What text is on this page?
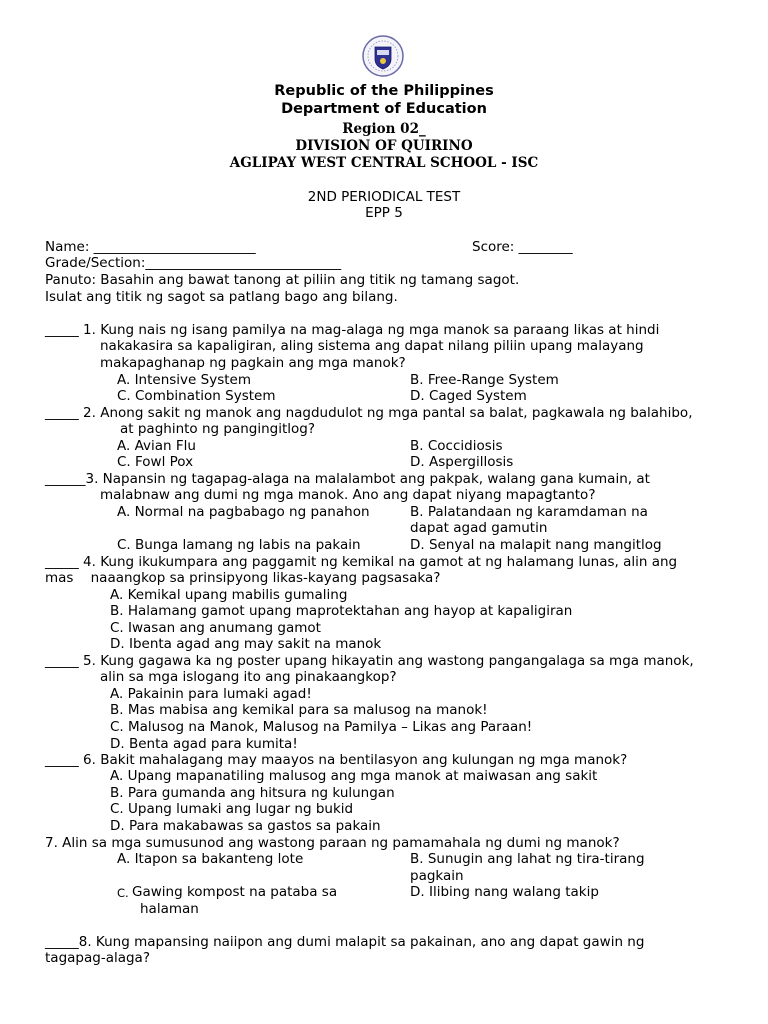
Republic of the Philippines
Department of Education
Region 02_
DIVISION OF QUIRINO
AGLIPAY WEST CENTRAL SCHOOL - ISC
2ND PERIODICAL TEST
EPP 5
Name: ________________________	Score: ________
Grade/Section:_____________________________
Panuto: Basahin ang bawat tanong at piliin ang titik ng tamang sagot.
Isulat ang titik ng sagot sa patlang bago ang bilang.
_____ 1. Kung nais ng isang pamilya na mag-alaga ng mga manok sa paraang likas at hindi
nakakasira sa kapaligiran, aling sistema ang dapat nilang piliin upang malayang
makapaghanap ng pagkain ang mga manok?
A. Intensive System	B. Free-Range System
C. Combination System	D. Caged System
_____ 2. Anong sakit ng manok ang nagdudulot ng mga pantal sa balat, pagkawala ng balahibo,
at paghinto ng pangingitlog?
A. Avian Flu	B. Coccidiosis
C. Fowl Pox	D. Aspergillosis
______3. Napansin ng tagapag-alaga na malalambot ang pakpak, walang gana kumain, at
malabnaw ang dumi ng mga manok. Ano ang dapat niyang mapagtanto?
A. Normal na pagbabago ng panahon	B. Palatandaan ng karamdaman na
dapat agad gamutin
C. Bunga lamang ng labis na pakain	D. Senyal na malapit nang mangitlog
_____ 4. Kung ikukumpara ang paggamit ng kemikal na gamot at ng halamang lunas, alin ang
mas    naaangkop sa prinsipyong likas-kayang pagsasaka?
A. Kemikal upang mabilis gumaling
B. Halamang gamot upang maprotektahan ang hayop at kapaligiran
C. Iwasan ang anumang gamot
D. Ibenta agad ang may sakit na manok
_____ 5. Kung gagawa ka ng poster upang hikayatin ang wastong pangangalaga sa mga manok,
alin sa mga islogang ito ang pinakaangkop?
A. Pakainin para lumaki agad!
B. Mas mabisa ang kemikal para sa malusog na manok!
C. Malusog na Manok, Malusog na Pamilya – Likas ang Paraan!
D. Benta agad para kumita!
_____ 6. Bakit mahalagang may maayos na bentilasyon ang kulungan ng mga manok?
A. Upang mapanatiling malusog ang mga manok at maiwasan ang sakit
B. Para gumanda ang hitsura ng kulungan
C. Upang lumaki ang lugar ng bukid
D. Para makabawas sa gastos sa pakain
7. Alin sa mga sumusunod ang wastong paraan ng pamamahala ng dumi ng manok?
A. Itapon sa bakanteng lote	B. Sunugin ang lahat ng tira-tirang
pagkain
C. Gawing kompost na pataba sa
halaman
D. Ilibing nang walang takip
_____8. Kung mapansing naiipon ang dumi malapit sa pakainan, ano ang dapat gawin ng
tagapag-alaga?
